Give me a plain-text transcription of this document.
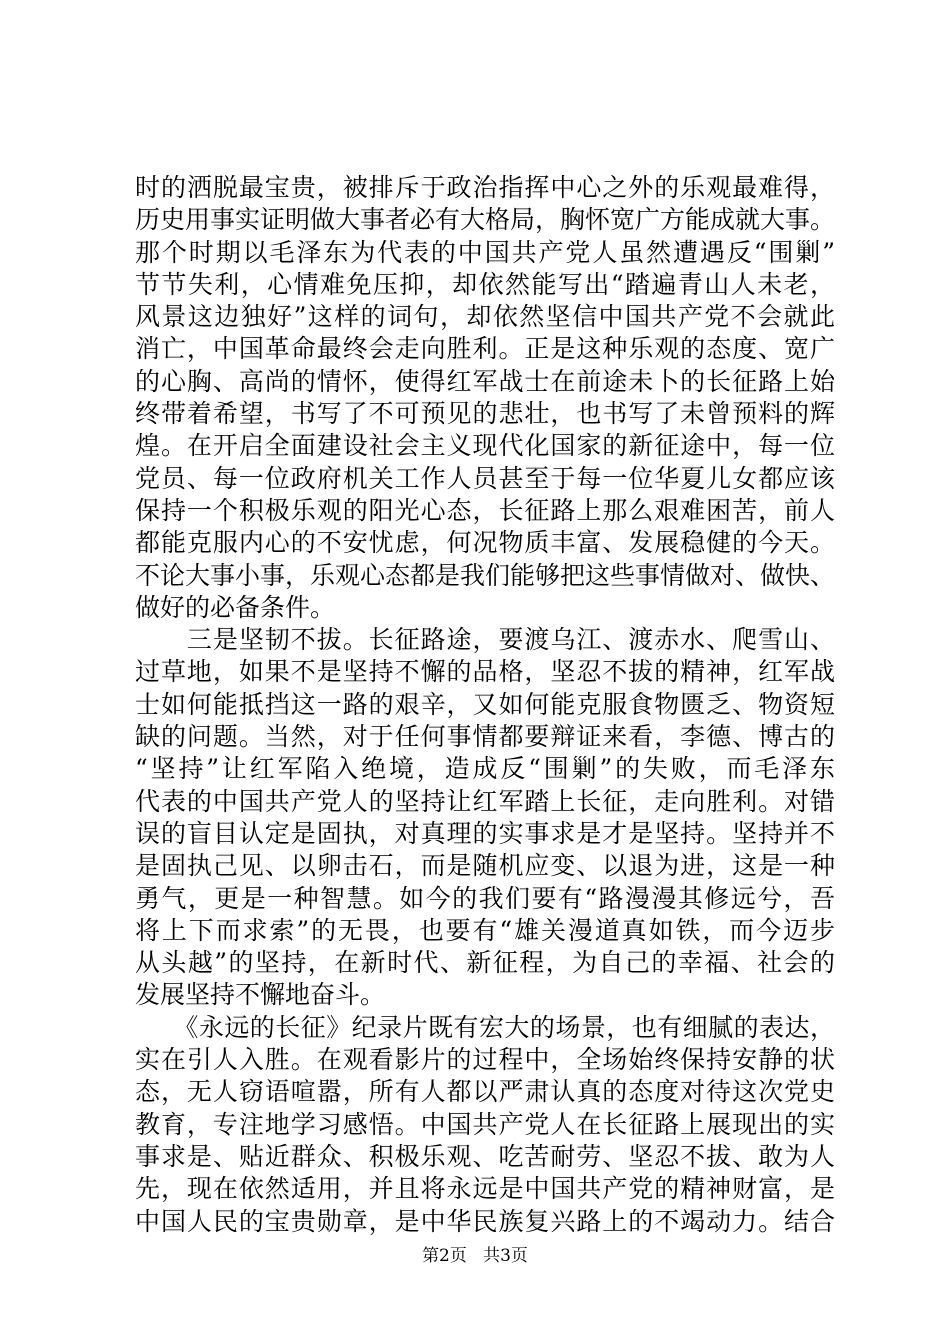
时的洒脱最宝贵，被排斥于政治指挥中心之外的乐观最难得，
历史用事实证明做大事者必有大格局，胸怀宽广方能成就大事。
那个时期以毛泽东为代表的中国共产党人虽然遭遇反“围剿”
节节失利，心情难免压抑，却依然能写出“踏遍青山人未老，
风景这边独好”这样的词句，却依然坚信中国共产党不会就此
消亡，中国革命最终会走向胜利。正是这种乐观的态度、宽广
的心胸、高尚的情怀，使得红军战士在前途未卜的长征路上始
终带着希望，书写了不可预见的悲壮，也书写了未曾预料的辉
煌。在开启全面建设社会主义现代化国家的新征途中，每一位
党员、每一位政府机关工作人员甚至于每一位华夏儿女都应该
保持一个积极乐观的阳光心态，长征路上那么艰难困苦，前人
都能克服内心的不安忧虑，何况物质丰富、发展稳健的今天。
不论大事小事，乐观心态都是我们能够把这些事情做对、做快、
做好的必备条件。
　　三是坚韧不拔。长征路途，要渡乌江、渡赤水、爬雪山、
过草地，如果不是坚持不懈的品格，坚忍不拔的精神，红军战
士如何能抵挡这一路的艰辛，又如何能克服食物匮乏、物资短
缺的问题。当然，对于任何事情都要辩证来看，李德、博古的
“坚持”让红军陷入绝境，造成反“围剿”的失败，而毛泽东
代表的中国共产党人的坚持让红军踏上长征，走向胜利。对错
误的盲目认定是固执，对真理的实事求是才是坚持。坚持并不
是固执己见、以卵击石，而是随机应变、以退为进，这是一种
勇气，更是一种智慧。如今的我们要有“路漫漫其修远兮，吾
将上下而求索”的无畏，也要有“雄关漫道真如铁，而今迈步
从头越”的坚持，在新时代、新征程，为自己的幸福、社会的
发展坚持不懈地奋斗。
　　《永远的长征》纪录片既有宏大的场景，也有细腻的表达，
实在引人入胜。在观看影片的过程中，全场始终保持安静的状
态，无人窃语喧嚣，所有人都以严肃认真的态度对待这次党史
教育，专注地学习感悟。中国共产党人在长征路上展现出的实
事求是、贴近群众、积极乐观、吃苦耐劳、坚忍不拔、敢为人
先，现在依然适用，并且将永远是中国共产党的精神财富，是
中国人民的宝贵勋章，是中华民族复兴路上的不竭动力。结合
第2页 共3页
